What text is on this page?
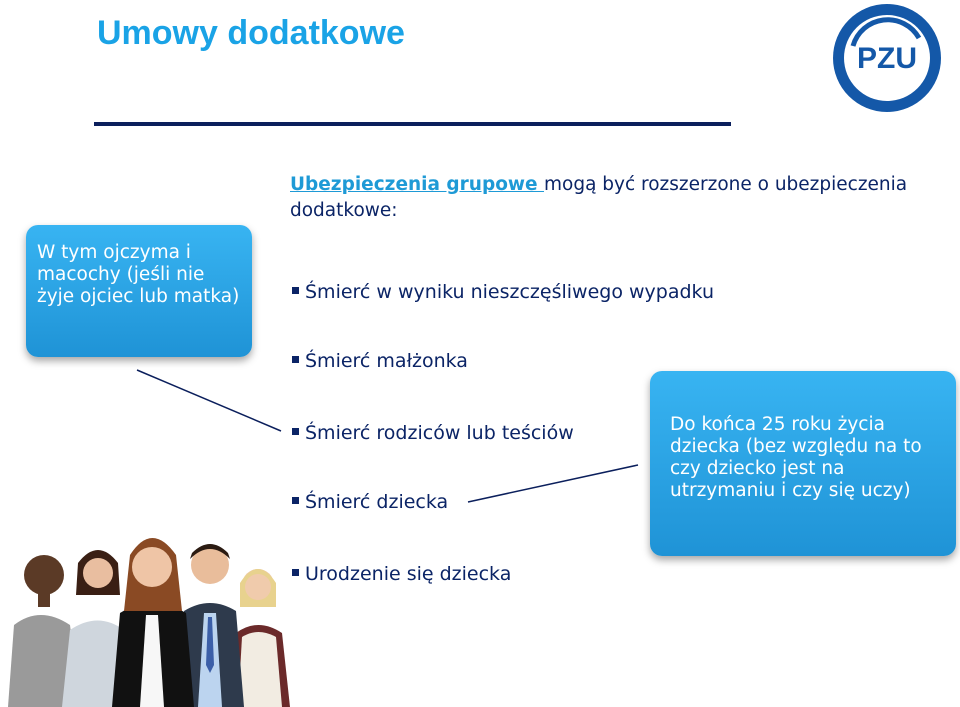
Umowy dodatkowe
PZU
Ubezpieczenia grupowe mogą być rozszerzone o ubezpieczenia dodatkowe:
Śmierć w wyniku nieszczęśliwego wypadku
Śmierć małżonka
Śmierć rodziców lub teściów
Śmierć dziecka
Urodzenie się dziecka
W tym ojczyma i macochy (jeśli nie żyje ojciec lub matka)
Do końca 25 roku życia dziecka (bez względu na to czy dziecko jest na utrzymaniu i czy się uczy)
